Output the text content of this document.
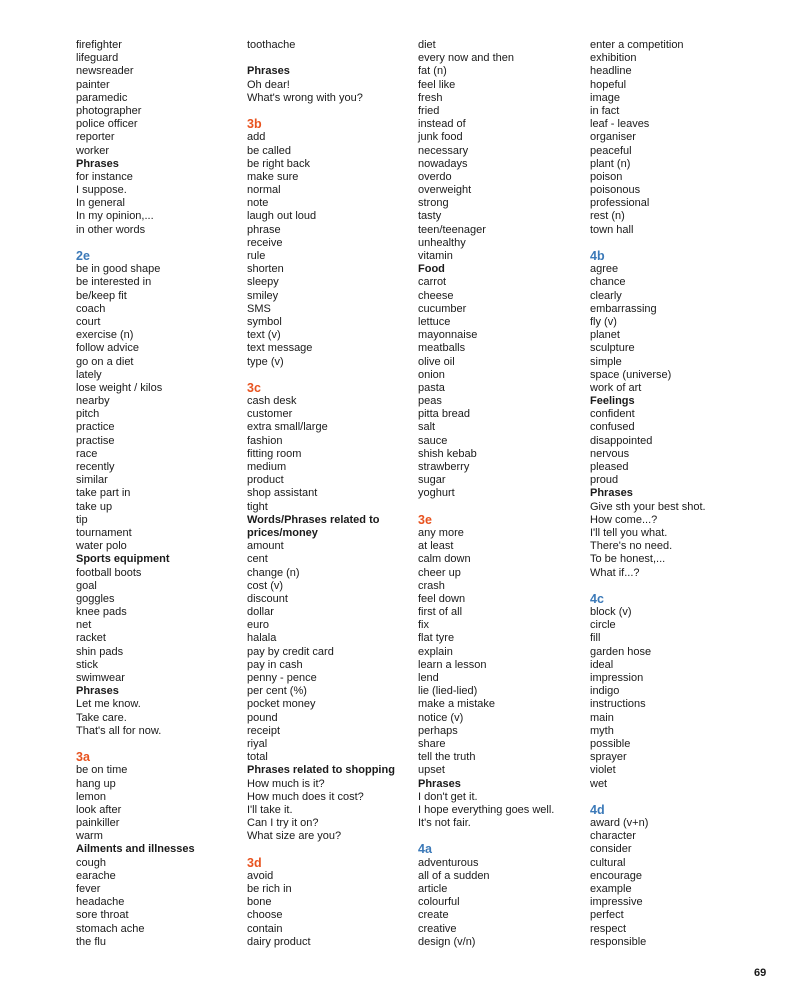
firefighter
lifeguard
newsreader
painter
paramedic
photographer
police officer
reporter
worker
Phrases
for instance
I suppose.
In general
In my opinion,...
in other words
2e
be in good shape
be interested in
be/keep fit
coach
court
exercise (n)
follow advice
go on a diet
lately
lose weight / kilos
nearby
pitch
practice
practise
race
recently
similar
take part in
take up
tip
tournament
water polo
Sports equipment
football boots
goal
goggles
knee pads
net
racket
shin pads
stick
swimwear
Phrases
Let me know.
Take care.
That's all for now.
3a
be on time
hang up
lemon
look after
painkiller
warm
Ailments and illnesses
cough
earache
fever
headache
sore throat
stomach ache
the flu
toothache
Phrases
Oh dear!
What's wrong with you?
3b
add
be called
be right back
make sure
normal
note
laugh out loud
phrase
receive
rule
shorten
sleepy
smiley
SMS
symbol
text (v)
text message
type (v)
3c
cash desk
customer
extra small/large
fashion
fitting room
medium
product
shop assistant
tight
Words/Phrases related to
prices/money
amount
cent
change (n)
cost (v)
discount
dollar
euro
halala
pay by credit card
pay in cash
penny - pence
per cent (%)
pocket money
pound
receipt
riyal
total
Phrases related to shopping
How much is it?
How much does it cost?
I'll take it.
Can I try it on?
What size are you?
3d
avoid
be rich in
bone
choose
contain
dairy product
diet
every now and then
fat (n)
feel like
fresh
fried
instead of
junk food
necessary
nowadays
overdo
overweight
strong
tasty
teen/teenager
unhealthy
vitamin
Food
carrot
cheese
cucumber
lettuce
mayonnaise
meatballs
olive oil
onion
pasta
peas
pitta bread
salt
sauce
shish kebab
strawberry
sugar
yoghurt
3e
any more
at least
calm down
cheer up
crash
feel down
first of all
fix
flat tyre
explain
learn a lesson
lend
lie (lied-lied)
make a mistake
notice (v)
perhaps
share
tell the truth
upset
Phrases
I don't get it.
I hope everything goes well.
It's not fair.
4a
adventurous
all of a sudden
article
colourful
create
creative
design (v/n)
enter a competition
exhibition
headline
hopeful
image
in fact
leaf - leaves
organiser
peaceful
plant (n)
poison
poisonous
professional
rest (n)
town hall
4b
agree
chance
clearly
embarrassing
fly (v)
planet
sculpture
simple
space (universe)
work of art
Feelings
confident
confused
disappointed
nervous
pleased
proud
Phrases
Give sth your best shot.
How come...?
I'll tell you what.
There's no need.
To be honest,...
What if...?
4c
block (v)
circle
fill
garden hose
ideal
impression
indigo
instructions
main
myth
possible
sprayer
violet
wet
4d
award (v+n)
character
consider
cultural
encourage
example
impressive
perfect
respect
responsible
69
